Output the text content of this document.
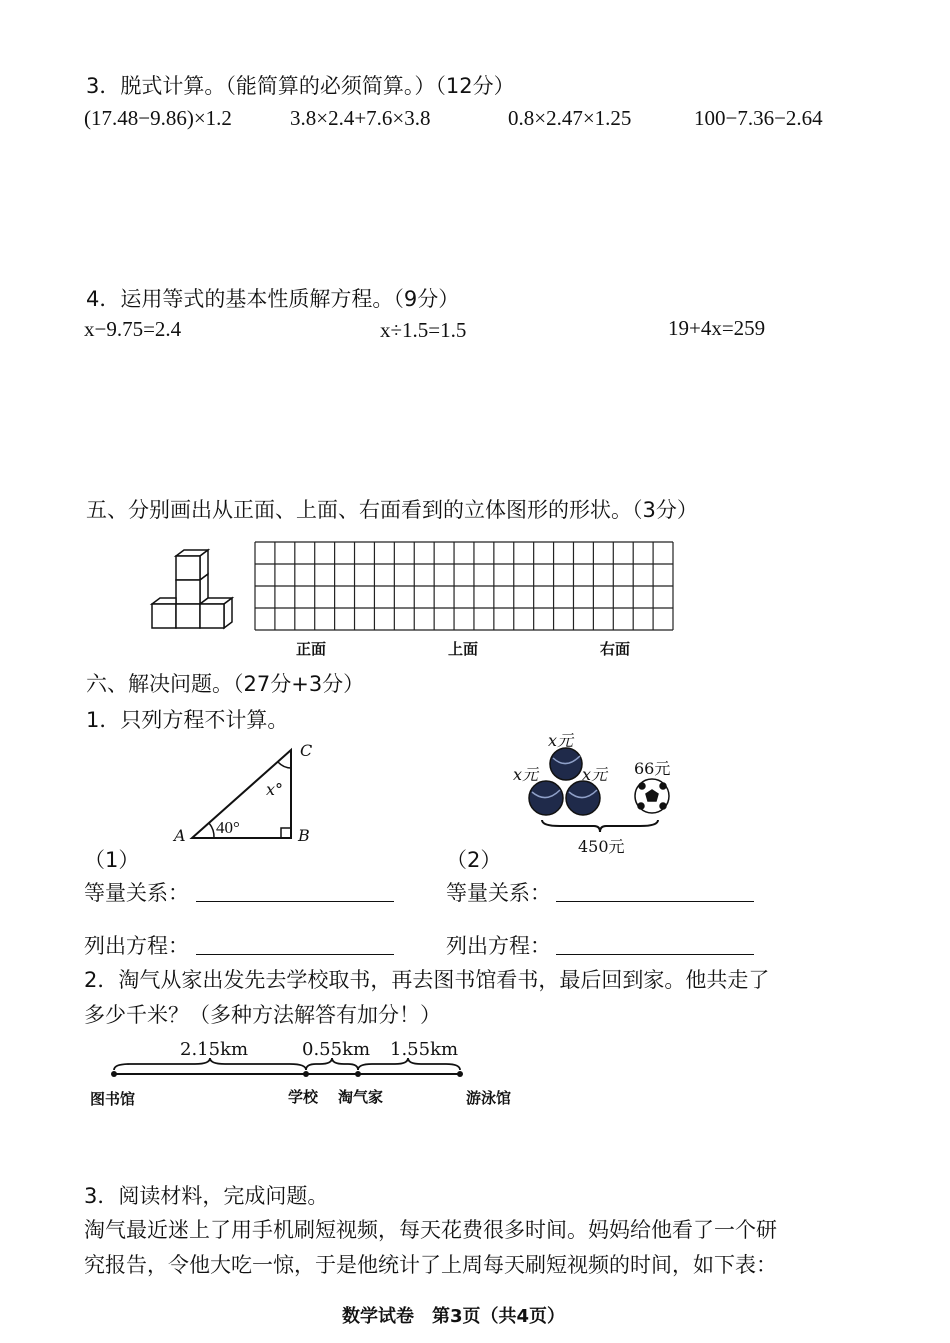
3．脱式计算。（能简算的必须简算。）（12分）
(17.48−9.86)×1.2	3.8×2.4+7.6×3.8	0.8×2.47×1.25	100−7.36−2.64
4．运用等式的基本性质解方程。（9分）
x−9.75=2.4	x÷1.5=1.5	19+4x=259
五、分别画出从正面、上面、右面看到的立体图形的形状。（3分）
正面	上面	右面
六、解决问题。（27分+3分）
1．只列方程不计算。
C
A	B
40°
x°
x元
x元	x元 66元
450元
（1）	（2）
等量关系：	等量关系：
列出方程：	列出方程：
2．淘气从家出发先去学校取书，再去图书馆看书，最后回到家。他共走了
多少千米？（多种方法解答有加分！）
2.15km	0.55km 1.55km
图书馆	学校 淘气家	游泳馆
3．阅读材料，完成问题。
淘气最近迷上了用手机刷短视频，每天花费很多时间。妈妈给他看了一个研
究报告，令他大吃一惊，于是他统计了上周每天刷短视频的时间，如下表：
数学试卷　第3页（共4页）
